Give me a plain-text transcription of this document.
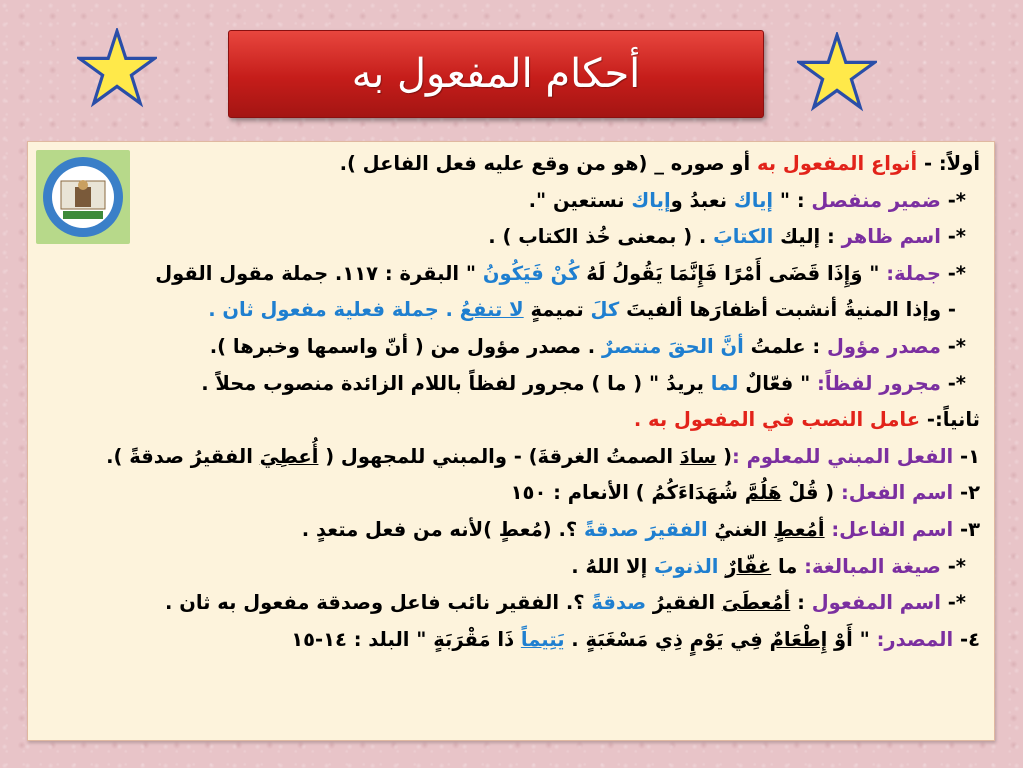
أحكام المفعول به
أولاً: - أنواع المفعول به أو صوره _ (هو من وقع عليه فعل الفاعل ).
*- ضمير منفصل : " إياك نعبدُ وإياك نستعين ".
*- اسم ظاهر : إليك الكتابَ . ( بمعنى خُذ الكتاب ) .
*- جملة: " وَإِذَا قَضَى أَمْرًا فَإِنَّمَا يَقُولُ لَهُ كُنْ فَيَكُونُ " البقرة : ١١٧. جملة مقول القول
- وإذا المنيةُ أنشبت أظفارَها ألفيتَ كلَ تميمةٍ لا تنفعُ . جملة فعلية مفعول ثان .
*- مصدر مؤول : علمتُ أنَّ الحقَ منتصرٌ . مصدر مؤول من ( أنّ واسمها وخبرها ).
*- مجرور لفظاً: " فعّالٌ لما يريدُ " ( ما ) مجرور لفظاً باللام الزائدة منصوب محلاً .
ثانياً:- عامل النصب في المفعول به .
١- الفعل المبني للمعلوم :( سادَ الصمتُ الغرقةَ) - والمبني للمجهول ( أُعطِيَ الفقيرُ صدقةً ).
٢- اسم الفعل: ( قُلْ هَلُمَّ شُهَدَاءَكُمُ ) الأنعام : ١٥٠
٣- اسم الفاعل: أمُعطٍ الغنيُ الفقيرَ صدقةً ؟. (مُعطٍ )لأنه من فعل متعدٍ .
*- صيغة المبالغة: ما غفّارٌ الذنوبَ إلا اللهُ .
*- اسم المفعول : أمُعطَىَ الفقيرُ صدقةً ؟. الفقير نائب فاعل وصدقة مفعول به ثان .
٤- المصدر: " أَوْ إِطْعَامٌ فِي يَوْمٍ ذِي مَسْغَبَةٍ . يَتِيماً ذَا مَقْرَبَةٍ " البلد : ١٤-١٥
